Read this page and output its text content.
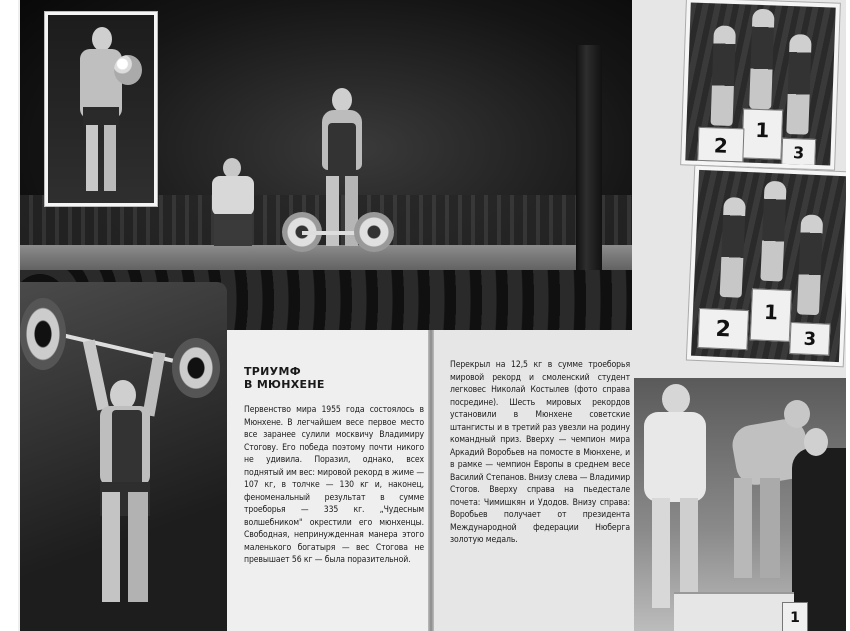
ТРИУМФ
В МЮНХЕНЕ

Первенство мира 1955 года состоялось в Мюнхене. В легчайшем весе первое место все заранее сулили москвичу Владимиру Стогову. Его победа поэтому почти никого не удивила. Поразил, однако, всех поднятый им вес: мировой рекорд в жиме — 107 кг, в толчке — 130 кг и, наконец, феноменальный результат в сумме троеборья — 335 кг. „Чудесным волшебником" окрестили его мюнхенцы. Свободная, непринужденная манера этого маленького богатыря — вес Стогова не превышает 56 кг — была поразительной.

Перекрыл на 12,5 кг в сумме троеборья мировой рекорд и смоленский студент легковес Николай Костылев (фото справа посредине). Шесть мировых рекордов установили в Мюнхене советские штангисты и в третий раз увезли на родину командный приз. Вверху — чемпион мира Аркадий Воробьев на помосте в Мюнхене, и в рамке — чемпион Европы в среднем весе Василий Степанов. Внизу слева — Владимир Стогов. Вверху справа на пьедестале почета: Чимишкян и Удодов. Внизу справа: Воробьев получает от президента Международной федерации Нюберга золотую медаль.

1
2	3
1
2	3
1
